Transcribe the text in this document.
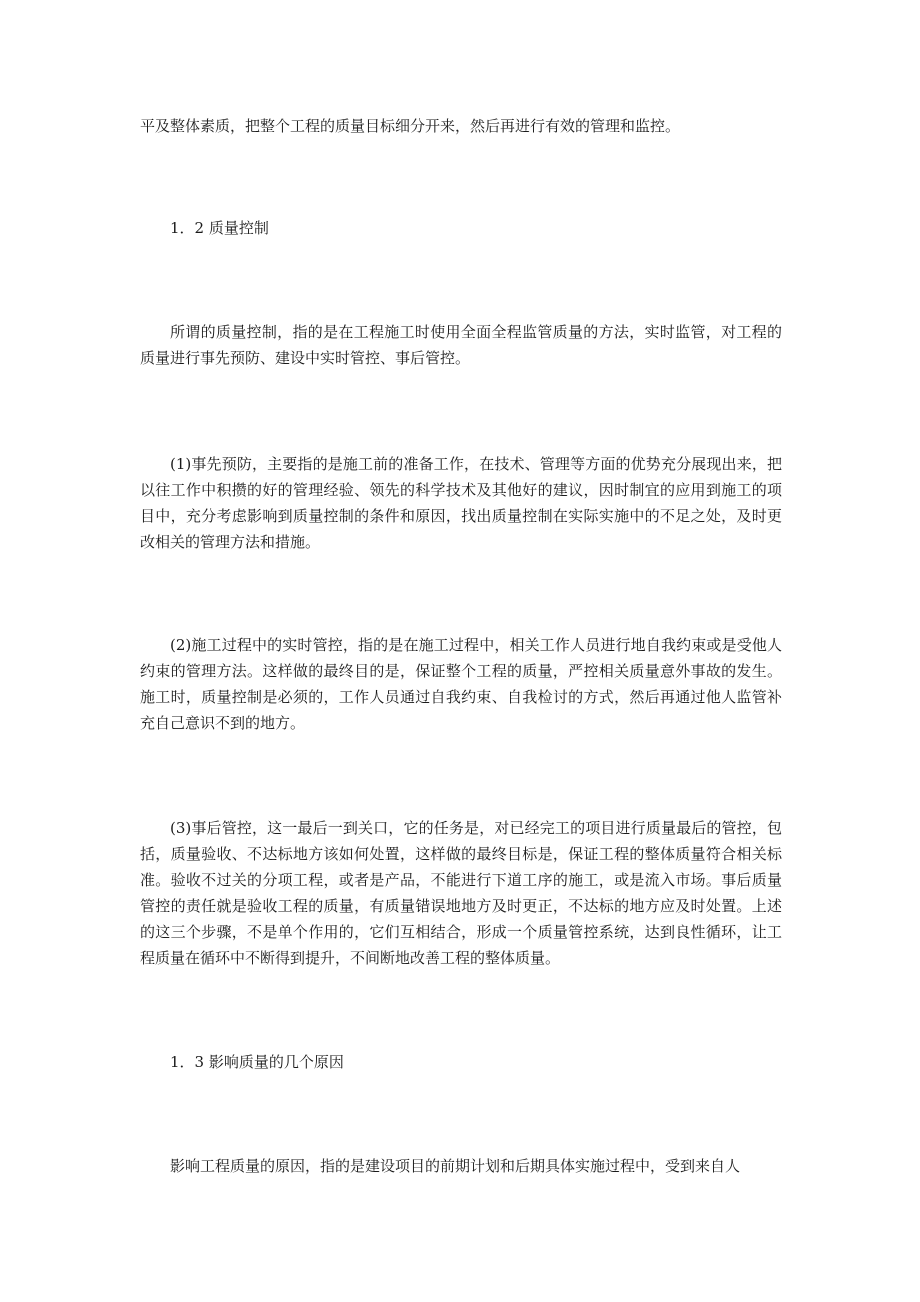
平及整体素质，把整个工程的质量目标细分开来，然后再进行有效的管理和监控。

1．2 质量控制

所谓的质量控制，指的是在工程施工时使用全面全程监管质量的方法，实时监管，对工程的质量进行事先预防、建设中实时管控、事后管控。

(1)事先预防，主要指的是施工前的准备工作，在技术、管理等方面的优势充分展现出来，把以往工作中积攒的好的管理经验、领先的科学技术及其他好的建议，因时制宜的应用到施工的项目中，充分考虑影响到质量控制的条件和原因，找出质量控制在实际实施中的不足之处，及时更改相关的管理方法和措施。

(2)施工过程中的实时管控，指的是在施工过程中，相关工作人员进行地自我约束或是受他人约束的管理方法。这样做的最终目的是，保证整个工程的质量，严控相关质量意外事故的发生。施工时，质量控制是必须的，工作人员通过自我约束、自我检讨的方式，然后再通过他人监管补充自己意识不到的地方。

(3)事后管控，这一最后一到关口，它的任务是，对已经完工的项目进行质量最后的管控，包括，质量验收、不达标地方该如何处置，这样做的最终目标是，保证工程的整体质量符合相关标准。验收不过关的分项工程，或者是产品，不能进行下道工序的施工，或是流入市场。事后质量管控的责任就是验收工程的质量，有质量错误地地方及时更正，不达标的地方应及时处置。上述的这三个步骤，不是单个作用的，它们互相结合，形成一个质量管控系统，达到良性循环，让工程质量在循环中不断得到提升，不间断地改善工程的整体质量。

1．3 影响质量的几个原因

影响工程质量的原因，指的是建设项目的前期计划和后期具体实施过程中，受到来自人
